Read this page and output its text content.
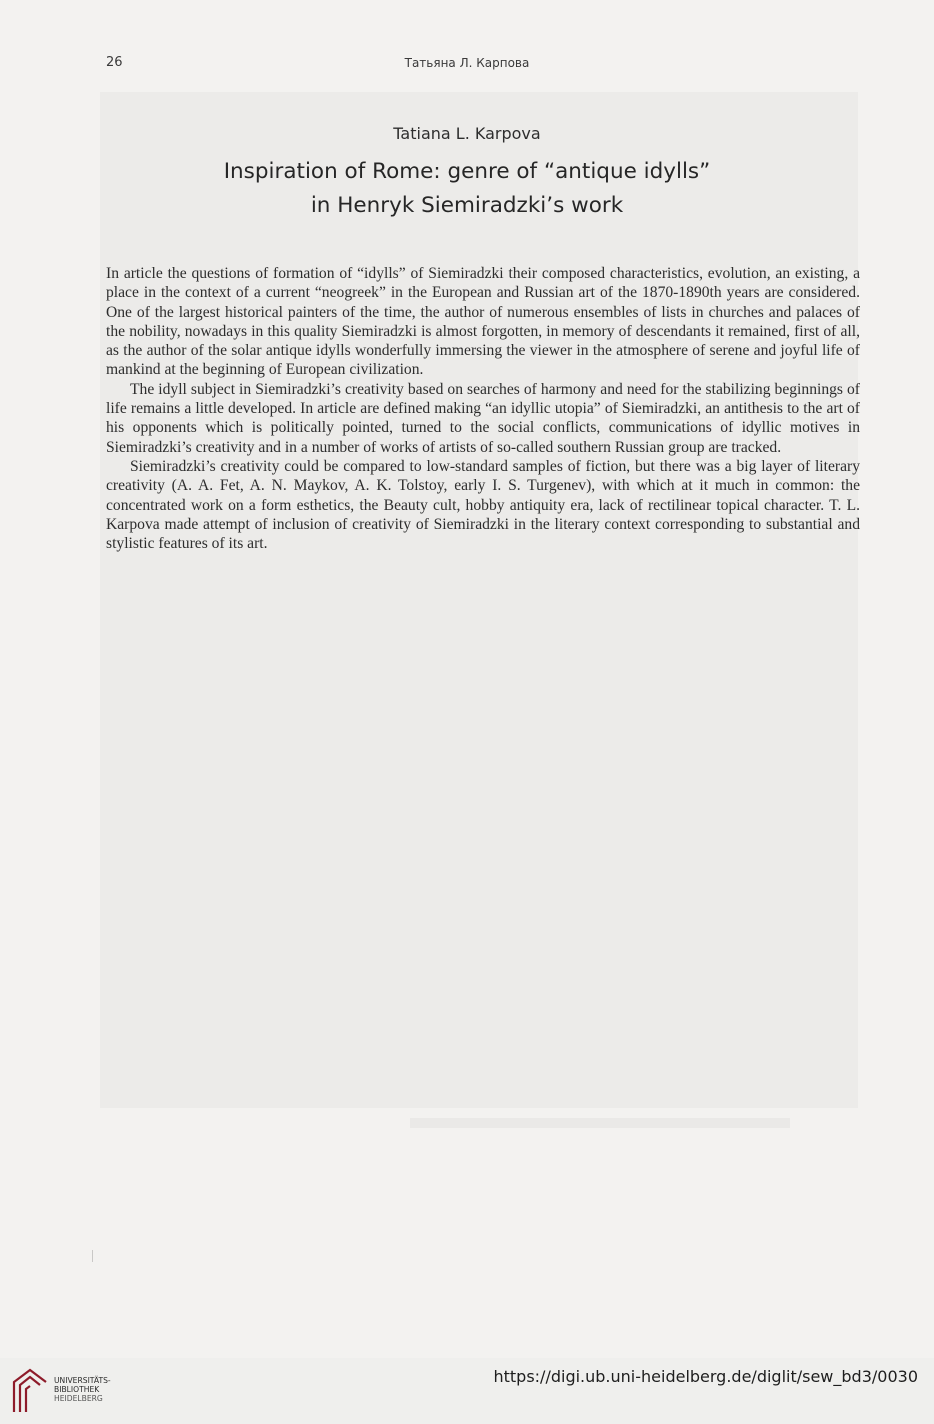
26	Татьяна Л. Карпова
Tatiana L. Karpova
Inspiration of Rome: genre of “antique idylls”
in Henryk Siemiradzki’s work

In article the questions of formation of “idylls” of Siemiradzki their composed characteristics, evolution, an existing, a place in the context of a current “neogreek” in the European and Russian art of the 1870-1890th years are considered. One of the largest historical painters of the time, the author of numerous ensembles of lists in churches and palaces of the nobility, nowadays in this quality Siemiradzki is almost forgotten, in memory of descendants it remained, first of all, as the author of the solar antique idylls wonderfully immersing the viewer in the atmosphere of serene and joyful life of mankind at the beginning of European civilization.

The idyll subject in Siemiradzki’s creativity based on searches of harmony and need for the stabilizing beginnings of life remains a little developed. In article are defined making “an idyllic utopia” of Siemiradzki, an antithesis to the art of his opponents which is politically pointed, turned to the social conflicts, communications of idyllic motives in Siemiradzki’s creativity and in a number of works of artists of so-called southern Russian group are tracked.

Siemiradzki’s creativity could be compared to low-standard samples of fiction, but there was a big layer of literary creativity (A. A. Fet, A. N. Maykov, A. K. Tolstoy, early I. S. Turgenev), with which at it much in common: the concentrated work on a form esthetics, the Beauty cult, hobby antiquity era, lack of rectilinear topical character. T. L. Karpova made attempt of inclusion of creativity of Siemiradzki in the literary context corresponding to substantial and stylistic features of its art.

UNIVERSITÄTS-
BIBLIOTHEK
HEIDELBERG
https://digi.ub.uni-heidelberg.de/diglit/sew_bd3/0030
